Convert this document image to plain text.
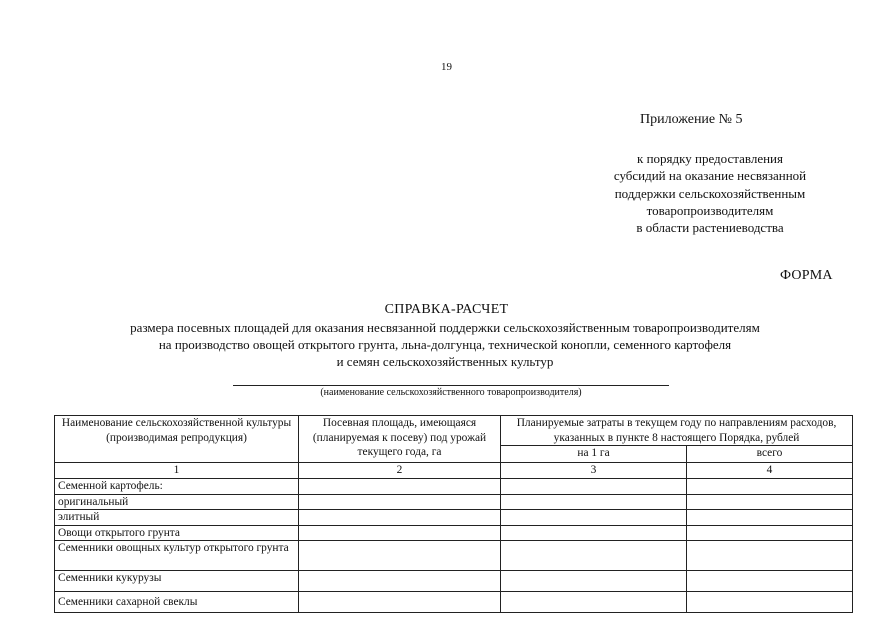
19
Приложение № 5
к порядку предоставления
субсидий на оказание несвязанной
поддержки сельскохозяйственным
товаропроизводителям
в области растениеводства
ФОРМА
СПРАВКА-РАСЧЕТ
размера посевных площадей для оказания несвязанной поддержки сельскохозяйственным товаропроизводителям
на производство овощей открытого грунта, льна-долгунца, технической конопли, семенного картофеля
и семян сельскохозяйственных культур
(наименование сельскохозяйственного товаропроизводителя)
Наименование сельскохозяйственной культуры (производимая репродукция)	Посевная площадь, имеющаяся (планируемая к посеву) под урожай текущего года, га	Планируемые затраты в текущем году по направлениям расходов, указанных в пункте 8 настоящего Порядка, рублей	
		на 1 га	всего
1	2	3	4
Семенной картофель:			
оригинальный			
элитный			
Овощи открытого грунта			
Семенники овощных культур открытого грунта			
Семенники кукурузы			
Семенники сахарной свеклы			
